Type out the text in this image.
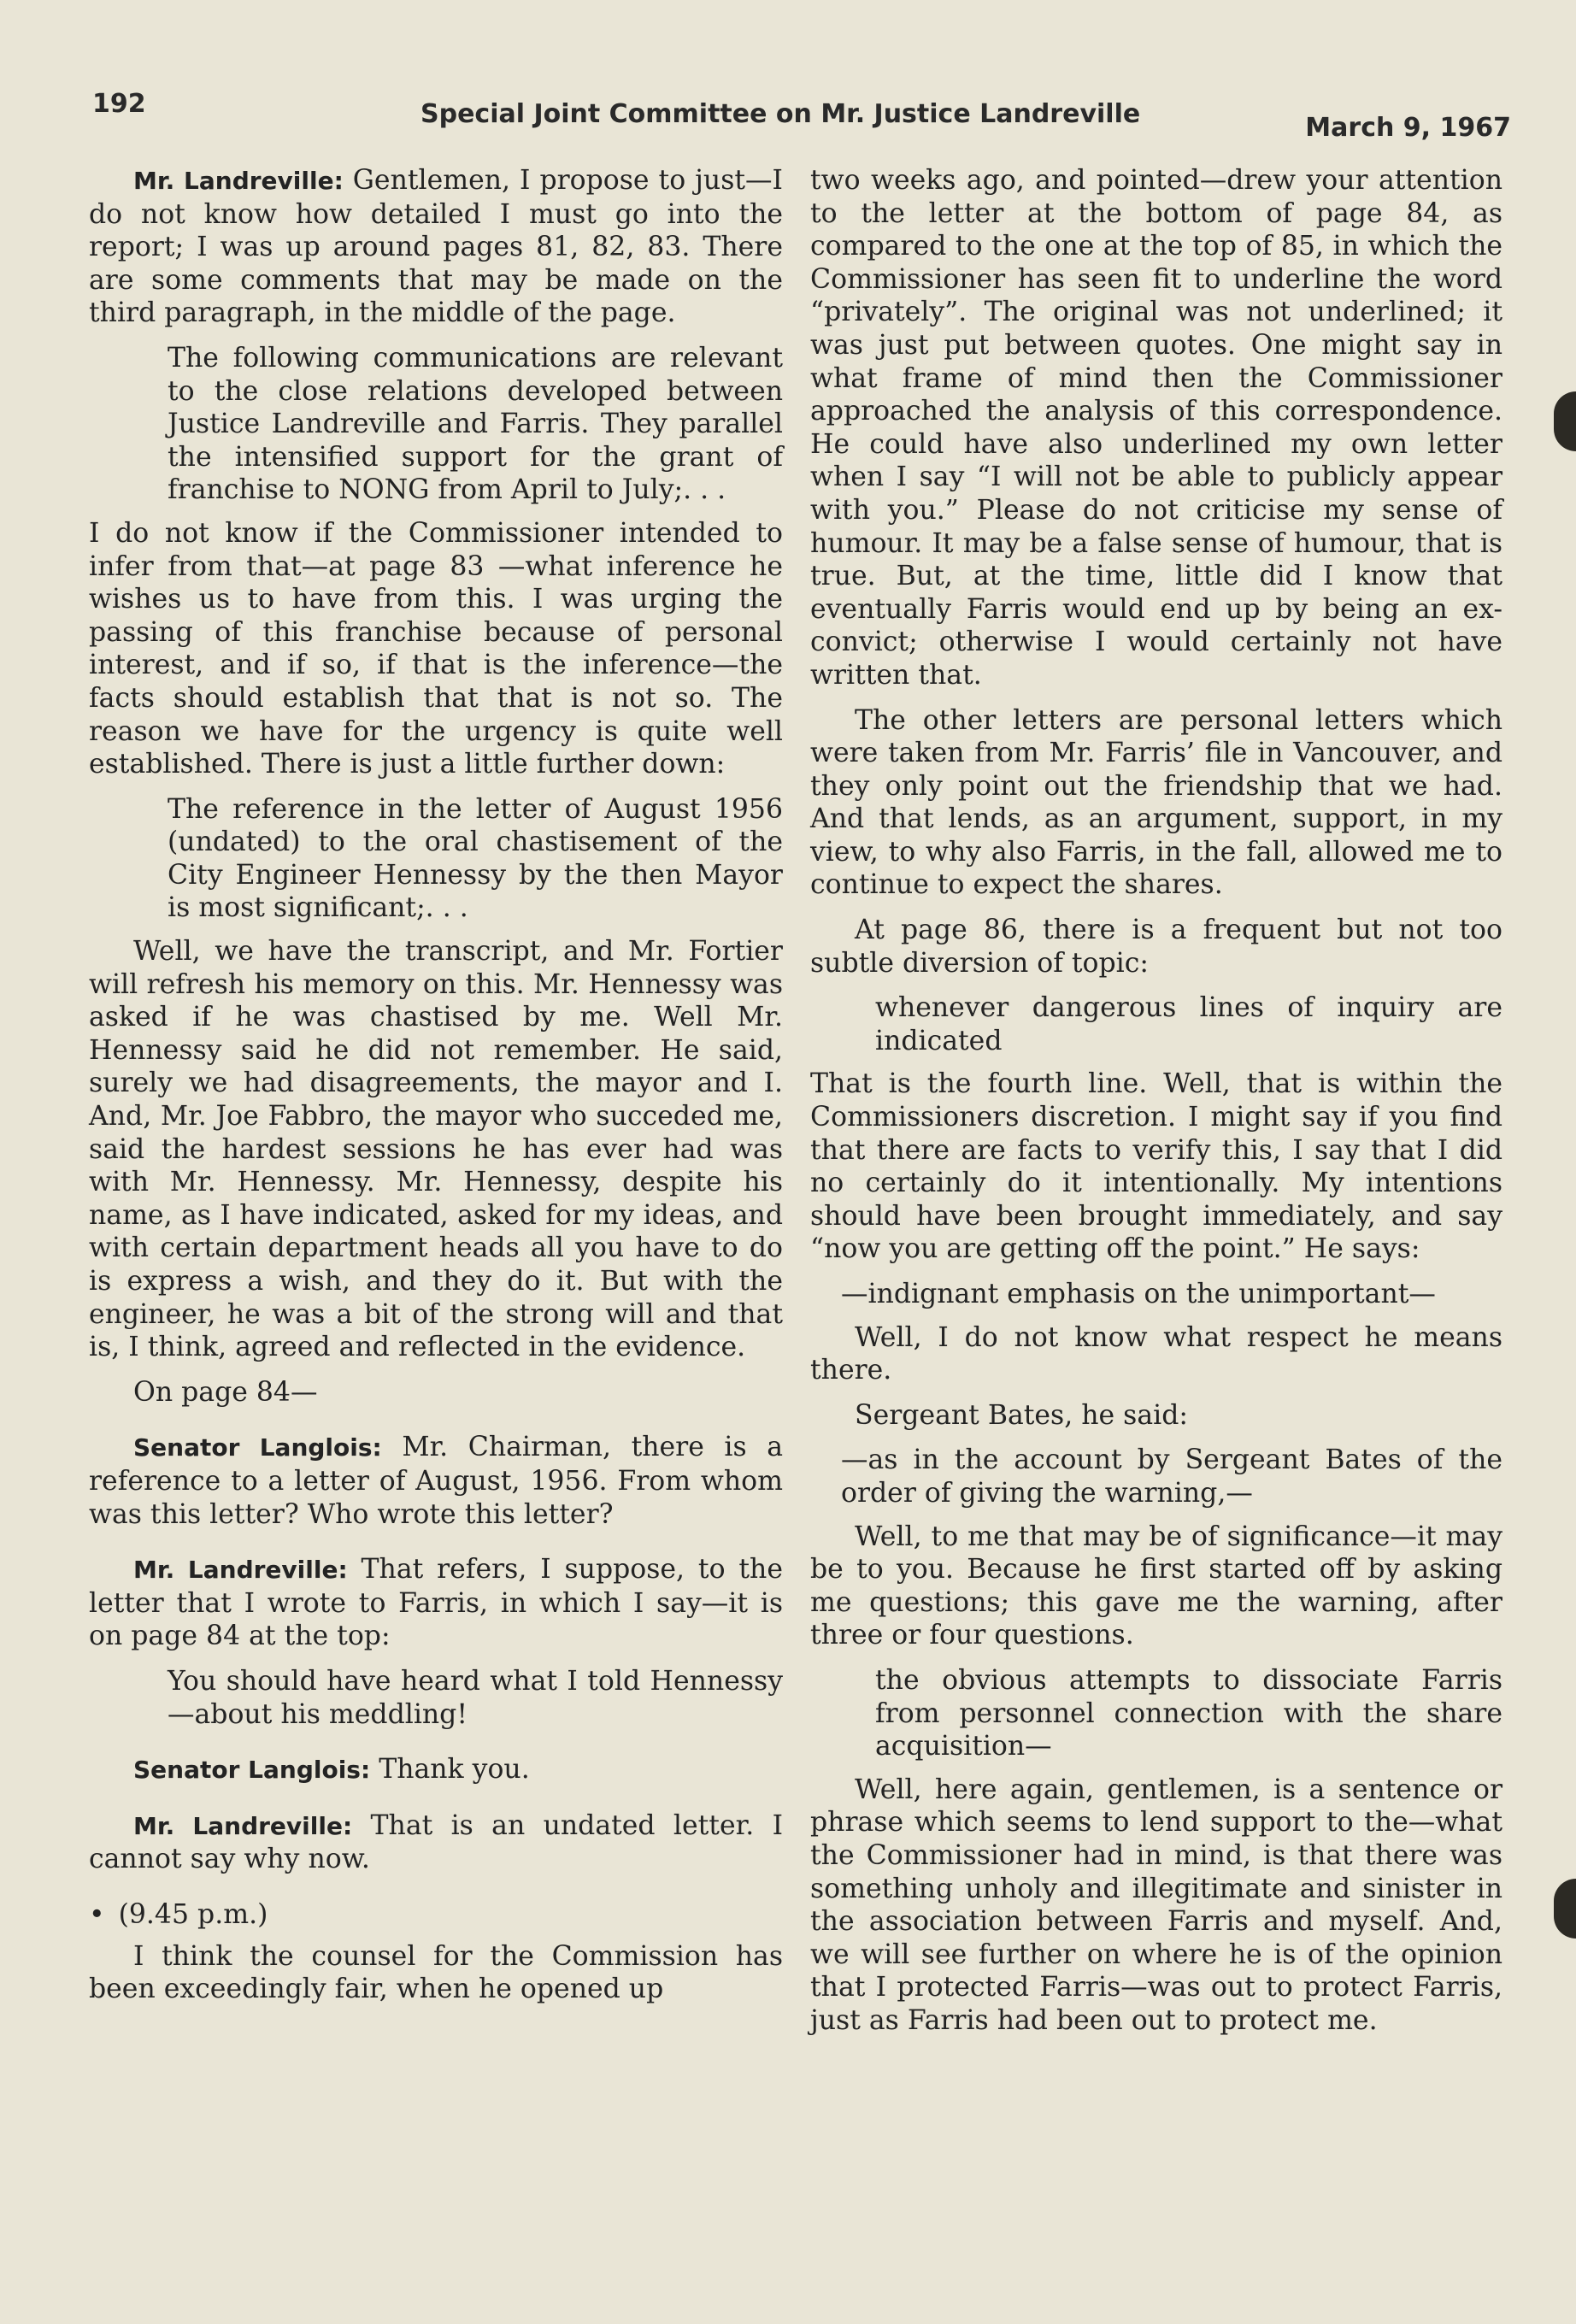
192	Special Joint Committee on Mr. Justice Landreville	March 9, 1967

Mr. Landreville: Gentlemen, I propose to just—I do not know how detailed I must go into the report; I was up around pages 81, 82, 83. There are some comments that may be made on the third paragraph, in the middle of the page.

The following communications are relevant to the close relations developed between Justice Landreville and Farris. They parallel the intensified support for the grant of franchise to NONG from April to July;. . .

I do not know if the Commissioner intended to infer from that—at page 83 —what inference he wishes us to have from this. I was urging the passing of this franchise because of personal interest, and if so, if that is the inference—the facts should establish that that is not so. The reason we have for the urgency is quite well established. There is just a little further down:

The reference in the letter of August 1956 (undated) to the oral chastisement of the City Engineer Hennessy by the then Mayor is most significant;. . .

Well, we have the transcript, and Mr. Fortier will refresh his memory on this. Mr. Hennessy was asked if he was chastised by me. Well Mr. Hennessy said he did not remember. He said, surely we had disagreements, the mayor and I. And, Mr. Joe Fabbro, the mayor who succeded me, said the hardest sessions he has ever had was with Mr. Hennessy. Mr. Hennessy, despite his name, as I have indicated, asked for my ideas, and with certain department heads all you have to do is express a wish, and they do it. But with the engineer, he was a bit of the strong will and that is, I think, agreed and reflected in the evidence.

On page 84—

Senator Langlois: Mr. Chairman, there is a reference to a letter of August, 1956. From whom was this letter? Who wrote this letter?

Mr. Landreville: That refers, I suppose, to the letter that I wrote to Farris, in which I say—it is on page 84 at the top:

You should have heard what I told Hennessy—about his meddling!

Senator Langlois: Thank you.

Mr. Landreville: That is an undated letter. I cannot say why now.

• (9.45 p.m.)

I think the counsel for the Commission has been exceedingly fair, when he opened up

two weeks ago, and pointed—drew your attention to the letter at the bottom of page 84, as compared to the one at the top of 85, in which the Commissioner has seen fit to underline the word “privately”. The original was not underlined; it was just put between quotes. One might say in what frame of mind then the Commissioner approached the analysis of this correspondence. He could have also underlined my own letter when I say “I will not be able to publicly appear with you.” Please do not criticise my sense of humour. It may be a false sense of humour, that is true. But, at the time, little did I know that eventually Farris would end up by being an ex-convict; otherwise I would certainly not have written that.

The other letters are personal letters which were taken from Mr. Farris’ file in Vancouver, and they only point out the friendship that we had. And that lends, as an argument, support, in my view, to why also Farris, in the fall, allowed me to continue to expect the shares.

At page 86, there is a frequent but not too subtle diversion of topic:

whenever dangerous lines of inquiry are indicated

That is the fourth line. Well, that is within the Commissioners discretion. I might say if you find that there are facts to verify this, I say that I did no certainly do it intentionally. My intentions should have been brought immediately, and say “now you are getting off the point.” He says:

—indignant emphasis on the unimportant—

Well, I do not know what respect he means there.

Sergeant Bates, he said:

—as in the account by Sergeant Bates of the order of giving the warning,—

Well, to me that may be of significance—it may be to you. Because he first started off by asking me questions; this gave me the warning, after three or four questions.

the obvious attempts to dissociate Farris from personnel connection with the share acquisition—

Well, here again, gentlemen, is a sentence or phrase which seems to lend support to the—what the Commissioner had in mind, is that there was something unholy and illegitimate and sinister in the association between Farris and myself. And, we will see further on where he is of the opinion that I protected Farris—was out to protect Farris, just as Farris had been out to protect me.
